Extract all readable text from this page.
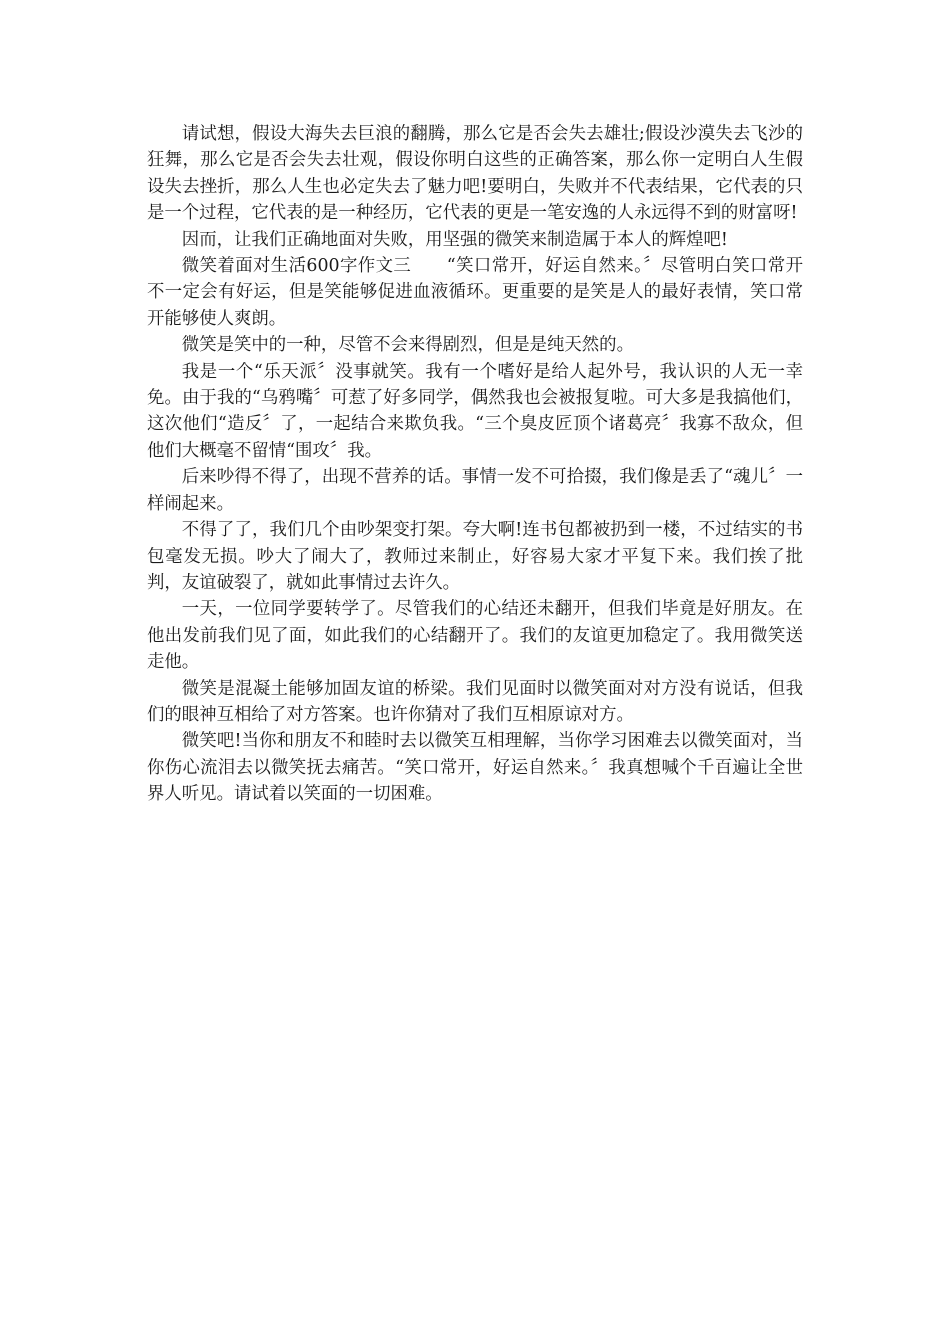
请试想，假设大海失去巨浪的翻腾，那么它是否会失去雄壮;假设沙漠失去飞沙的狂舞，那么它是否会失去壮观，假设你明白这些的正确答案，那么你一定明白人生假设失去挫折，那么人生也必定失去了魅力吧!要明白，失败并不代表结果，它代表的只是一个过程，它代表的是一种经历，它代表的更是一笔安逸的人永远得不到的财富呀!

因而，让我们正确地面对失败，用坚强的微笑来制造属于本人的辉煌吧!

微笑着面对生活600字作文三　　“笑口常开，好运自然来。〞尽管明白笑口常开不一定会有好运，但是笑能够促进血液循环。更重要的是笑是人的最好表情，笑口常开能够使人爽朗。

微笑是笑中的一种，尽管不会来得剧烈，但是是纯天然的。

我是一个“乐天派〞没事就笑。我有一个嗜好是给人起外号，我认识的人无一幸免。由于我的“乌鸦嘴〞可惹了好多同学，偶然我也会被报复啦。可大多是我搞他们，这次他们“造反〞了，一起结合来欺负我。“三个臭皮匠顶个诸葛亮〞我寡不敌众，但他们大概毫不留情“围攻〞我。

后来吵得不得了，出现不营养的话。事情一发不可拾掇，我们像是丢了“魂儿〞一样闹起来。

不得了了，我们几个由吵架变打架。夸大啊!连书包都被扔到一楼，不过结实的书包毫发无损。吵大了闹大了，教师过来制止，好容易大家才平复下来。我们挨了批判，友谊破裂了，就如此事情过去许久。

一天，一位同学要转学了。尽管我们的心结还未翻开，但我们毕竟是好朋友。在他出发前我们见了面，如此我们的心结翻开了。我们的友谊更加稳定了。我用微笑送走他。

微笑是混凝土能够加固友谊的桥梁。我们见面时以微笑面对对方没有说话，但我们的眼神互相给了对方答案。也许你猜对了我们互相原谅对方。

微笑吧!当你和朋友不和睦时去以微笑互相理解，当你学习困难去以微笑面对，当你伤心流泪去以微笑抚去痛苦。“笑口常开，好运自然来。〞我真想喊个千百遍让全世界人听见。请试着以笑面的一切困难。
